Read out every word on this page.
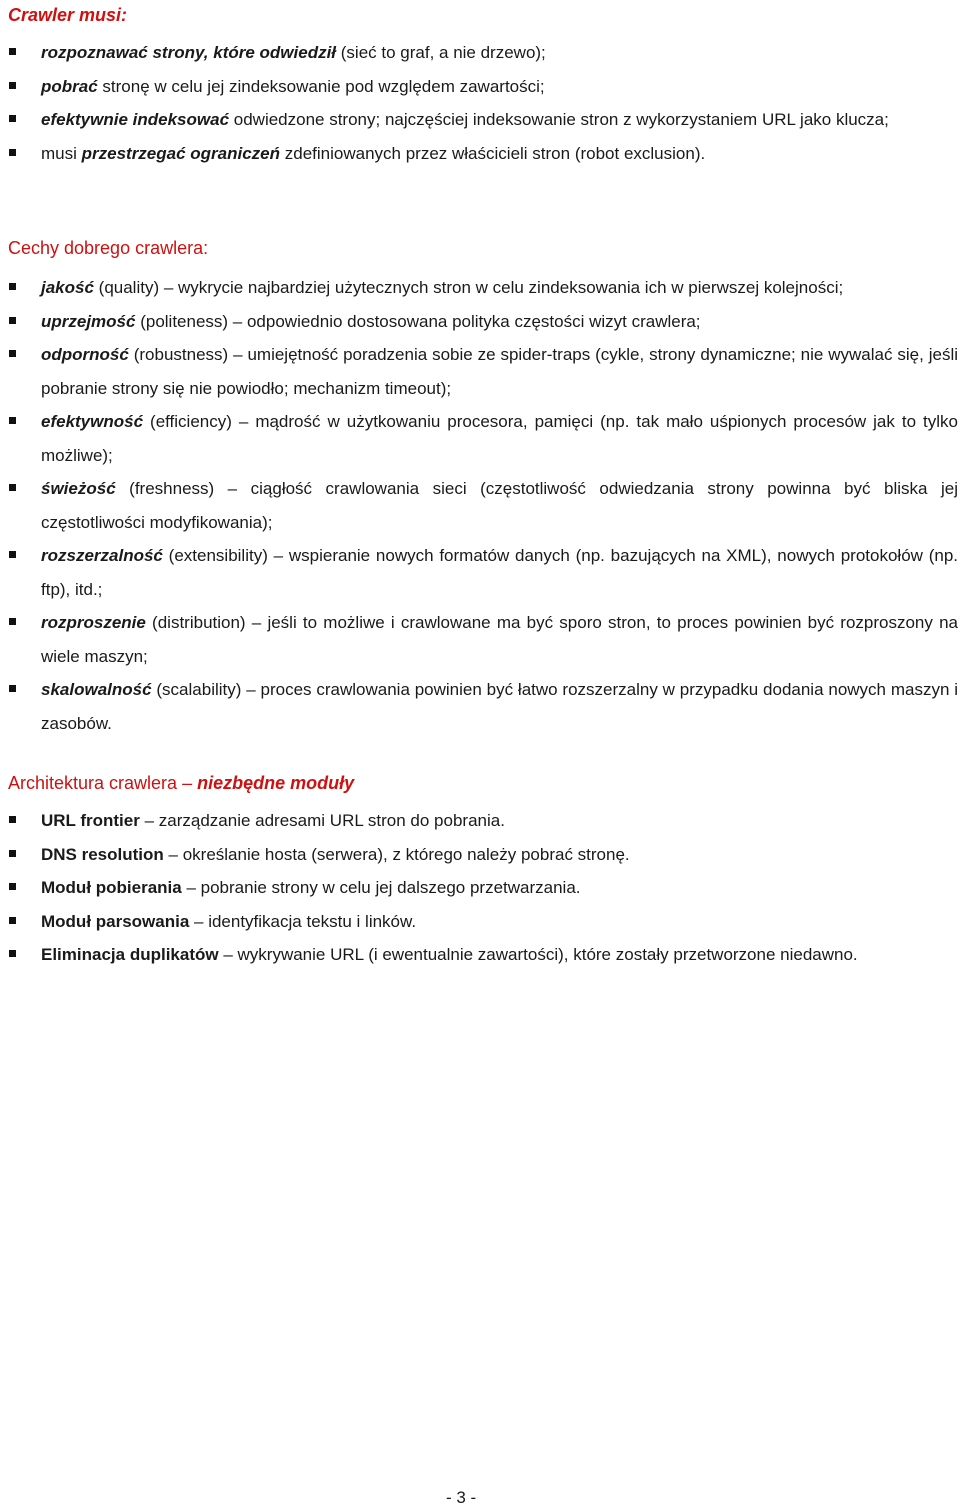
Crawler musi:
rozpoznawać strony, które odwiedził (sieć to graf, a nie drzewo);
pobrać stronę w celu jej zindeksowanie pod względem zawartości;
efektywnie indeksować odwiedzone strony; najczęściej indeksowanie stron z wykorzystaniem URL jako klucza;
musi przestrzegać ograniczeń zdefiniowanych przez właścicieli stron (robot exclusion).
Cechy dobrego crawlera:
jakość (quality) – wykrycie najbardziej użytecznych stron w celu zindeksowania ich w pierwszej kolejności;
uprzejmość (politeness) – odpowiednio dostosowana polityka częstości wizyt crawlera;
odporność (robustness) – umiejętność poradzenia sobie ze spider-traps (cykle, strony dynamiczne; nie wywalać się, jeśli pobranie strony się nie powiodło; mechanizm timeout);
efektywność (efficiency) – mądrość w użytkowaniu procesora, pamięci (np. tak mało uśpionych procesów jak to tylko możliwe);
świeżość (freshness) – ciągłość crawlowania sieci (częstotliwość odwiedzania strony powinna być bliska jej częstotliwości modyfikowania);
rozszerzalność (extensibility) – wspieranie nowych formatów danych (np. bazujących na XML), nowych protokołów (np. ftp), itd.;
rozproszenie (distribution) – jeśli to możliwe i crawlowane ma być sporo stron, to proces powinien być rozproszony na wiele maszyn;
skalowalność (scalability) – proces crawlowania powinien być łatwo rozszerzalny w przypadku dodania nowych maszyn i zasobów.
Architektura crawlera – niezbędne moduły
URL frontier – zarządzanie adresami URL stron do pobrania.
DNS resolution – określanie hosta (serwera), z którego należy pobrać stronę.
Moduł pobierania – pobranie strony w celu jej dalszego przetwarzania.
Moduł parsowania – identyfikacja tekstu i linków.
Eliminacja duplikatów – wykrywanie URL (i ewentualnie zawartości), które zostały przetworzone niedawno.
- 3 -
